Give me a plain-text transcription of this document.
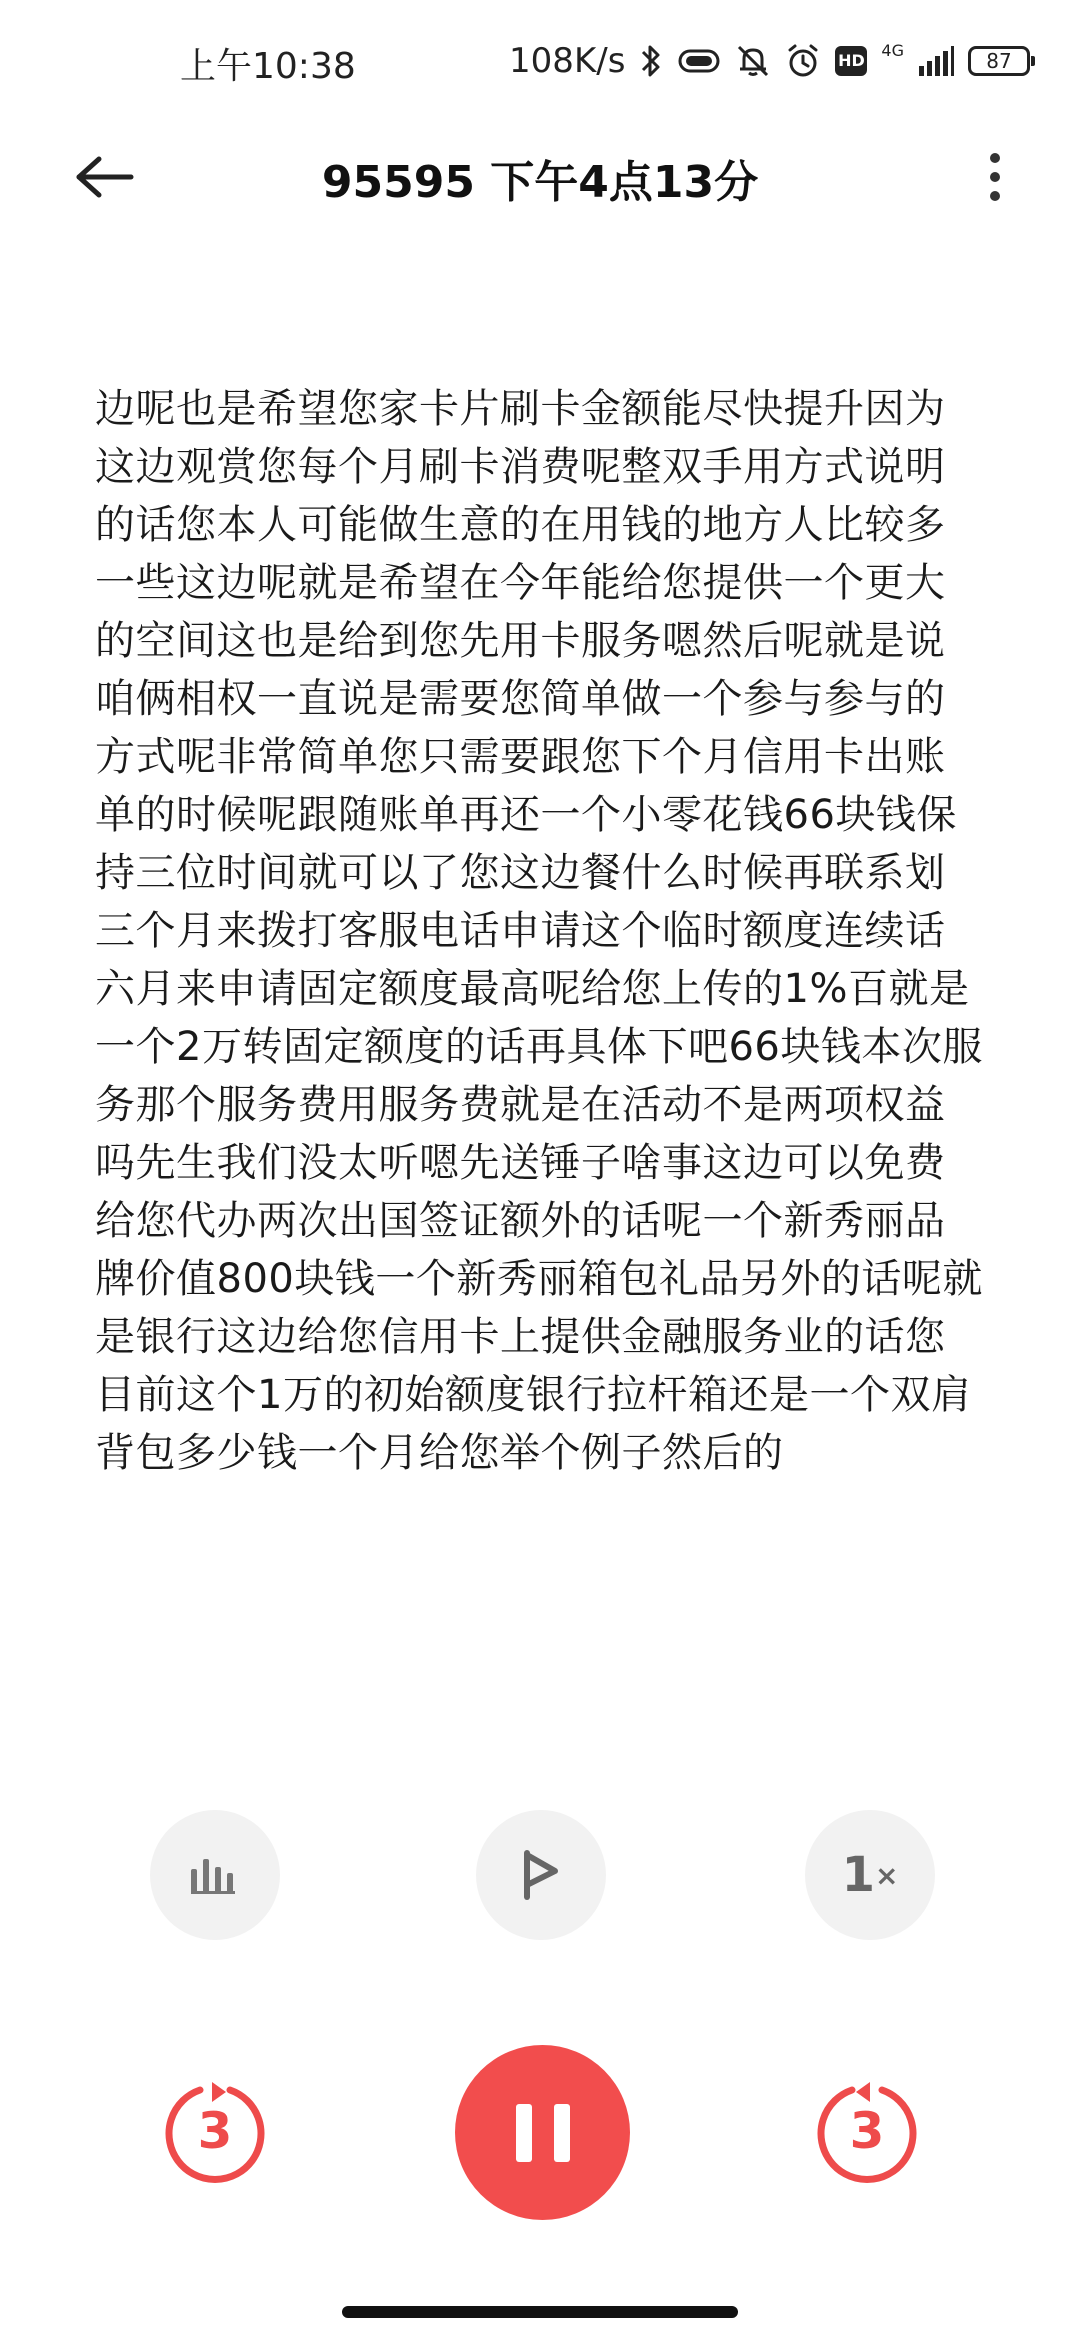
上午10:38	108K/s	HD
4G	87
95595 下午4点13分
边呢也是希望您家卡片刷卡金额能尽快提升因为这边观赏您每个月刷卡消费呢整双手用方式说明的话您本人可能做生意的在用钱的地方人比较多一些这边呢就是希望在今年能给您提供一个更大的空间这也是给到您先用卡服务嗯然后呢就是说咱俩相权一直说是需要您简单做一个参与参与的方式呢非常简单您只需要跟您下个月信用卡出账单的时候呢跟随账单再还一个小零花钱66块钱保持三位时间就可以了您这边餐什么时候再联系划三个月来拨打客服电话申请这个临时额度连续话六月来申请固定额度最高呢给您上传的1%百就是一个2万转固定额度的话再具体下吧66块钱本次服务那个服务费用服务费就是在活动不是两项权益吗先生我们没太听嗯先送锤子啥事这边可以免费给您代办两次出国签证额外的话呢一个新秀丽品牌价值800块钱一个新秀丽箱包礼品另外的话呢就是银行这边给您信用卡上提供金融服务业的话您目前这个1万的初始额度银行拉杆箱还是一个双肩背包多少钱一个月给您举个例子然后的
1 ×
3	3
